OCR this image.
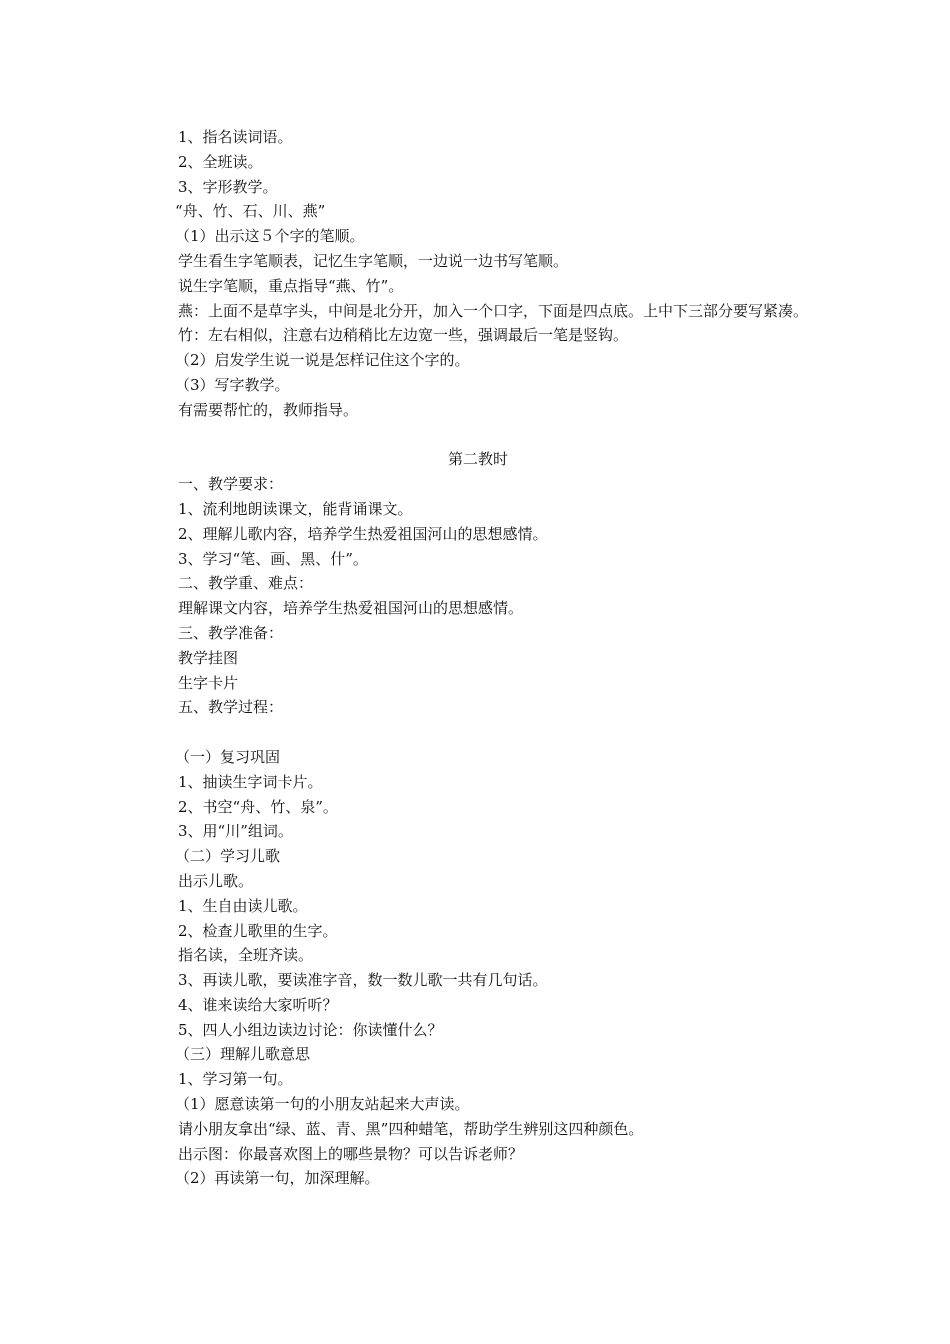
1、指名读词语。
2、全班读。
3、字形教学。
“舟、竹、石、川、燕”
（1）出示这５个字的笔顺。
学生看生字笔顺表，记忆生字笔顺，一边说一边书写笔顺。
说生字笔顺，重点指导“燕、竹”。
燕：上面不是草字头，中间是北分开，加入一个口字，下面是四点底。上中下三部分要写紧凑。
竹：左右相似，注意右边稍稍比左边宽一些，强调最后一笔是竖钩。
（2）启发学生说一说是怎样记住这个字的。
（3）写字教学。
有需要帮忙的，教师指导。
第二教时
一、教学要求：
1、流利地朗读课文，能背诵课文。
2、理解儿歌内容，培养学生热爱祖国河山的思想感情。
3、学习“笔、画、黑、什”。
二、教学重、难点：
理解课文内容，培养学生热爱祖国河山的思想感情。
三、教学准备：
教学挂图
生字卡片
五、教学过程：
（一）复习巩固
1、抽读生字词卡片。
2、书空“舟、竹、泉”。
3、用“川”组词。
（二）学习儿歌
出示儿歌。
1、生自由读儿歌。
2、检查儿歌里的生字。
指名读，全班齐读。
3、再读儿歌，要读准字音，数一数儿歌一共有几句话。
4、谁来读给大家听听？
5、四人小组边读边讨论：你读懂什么？
（三）理解儿歌意思
1、学习第一句。
（1）愿意读第一句的小朋友站起来大声读。
请小朋友拿出“绿、蓝、青、黑”四种蜡笔，帮助学生辨别这四种颜色。
出示图：你最喜欢图上的哪些景物？可以告诉老师？
（2）再读第一句，加深理解。
